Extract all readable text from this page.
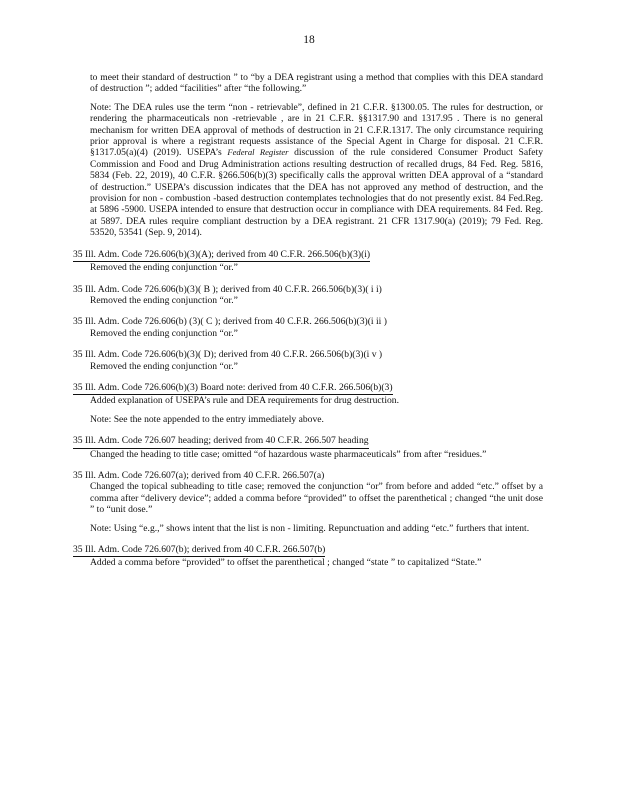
18

to meet their standard of destruction ” to “by a DEA registrant using a method that complies with this DEA standard of destruction ”; added “facilities” after “the following.”

Note: The DEA rules use the term “non - retrievable”, defined in 21 C.F.R. §1300.05. The rules for destruction, or rendering the pharmaceuticals non -retrievable , are in 21 C.F.R. §§1317.90 and 1317.95 . There is no general mechanism for written DEA approval of methods of destruction in 21 C.F.R.1317. The only circumstance requiring prior approval is where a registrant requests assistance of the Special Agent in Charge for disposal. 21 C.F.R. §1317.05(a)(4) (2019). USEPA’s Federal Register discussion of the rule considered Consumer Product Safety Commission and Food and Drug Administration actions resulting destruction of recalled drugs, 84 Fed. Reg. 5816, 5834 (Feb. 22, 2019), 40 C.F.R. §266.506(b)(3) specifically calls the approval written DEA approval of a “standard of destruction.” USEPA’s discussion indicates that the DEA has not approved any method of destruction, and the provision for non - combustion -based destruction contemplates technologies that do not presently exist. 84 Fed.Reg. at 5896 -5900. USEPA intended to ensure that destruction occur in compliance with DEA requirements. 84 Fed. Reg. at 5897. DEA rules require compliant destruction by a DEA registrant. 21 CFR 1317.90(a) (2019); 79 Fed. Reg. 53520, 53541 (Sep. 9, 2014).

35 Ill. Adm. Code 726.606(b)(3)(A); derived from 40 C.F.R. 266.506(b)(3)(i)

Removed the ending conjunction “or.”

35 Ill. Adm. Code 726.606(b)(3)( B ); derived from 40 C.F.R. 266.506(b)(3)( i i)

Removed the ending conjunction “or.”

35 Ill. Adm. Code 726.606(b) (3)( C ); derived from 40 C.F.R. 266.506(b)(3)(i ii )

Removed the ending conjunction “or.”

35 Ill. Adm. Code 726.606(b)(3)( D); derived from 40 C.F.R. 266.506(b)(3)(i v )

Removed the ending conjunction “or.”

35 Ill. Adm. Code 726.606(b)(3) Board note: derived from 40 C.F.R. 266.506(b)(3)

Added explanation of USEPA’s rule and DEA requirements for drug destruction.

Note: See the note appended to the entry immediately above.

35 Ill. Adm. Code 726.607 heading; derived from 40 C.F.R. 266.507 heading

Changed the heading to title case; omitted “of hazardous waste pharmaceuticals” from after “residues.”

35 Ill. Adm. Code 726.607(a); derived from 40 C.F.R. 266.507(a)

Changed the topical subheading to title case; removed the conjunction “or” from before and added “etc.” offset by a comma after “delivery device”; added a comma before “provided” to offset the parenthetical ; changed “the unit dose ” to “unit dose.”

Note: Using “e.g.,” shows intent that the list is non - limiting. Repunctuation and adding “etc.” furthers that intent.

35 Ill. Adm. Code 726.607(b); derived from 40 C.F.R. 266.507(b)

Added a comma before “provided” to offset the parenthetical ; changed “state ” to capitalized “State.”
